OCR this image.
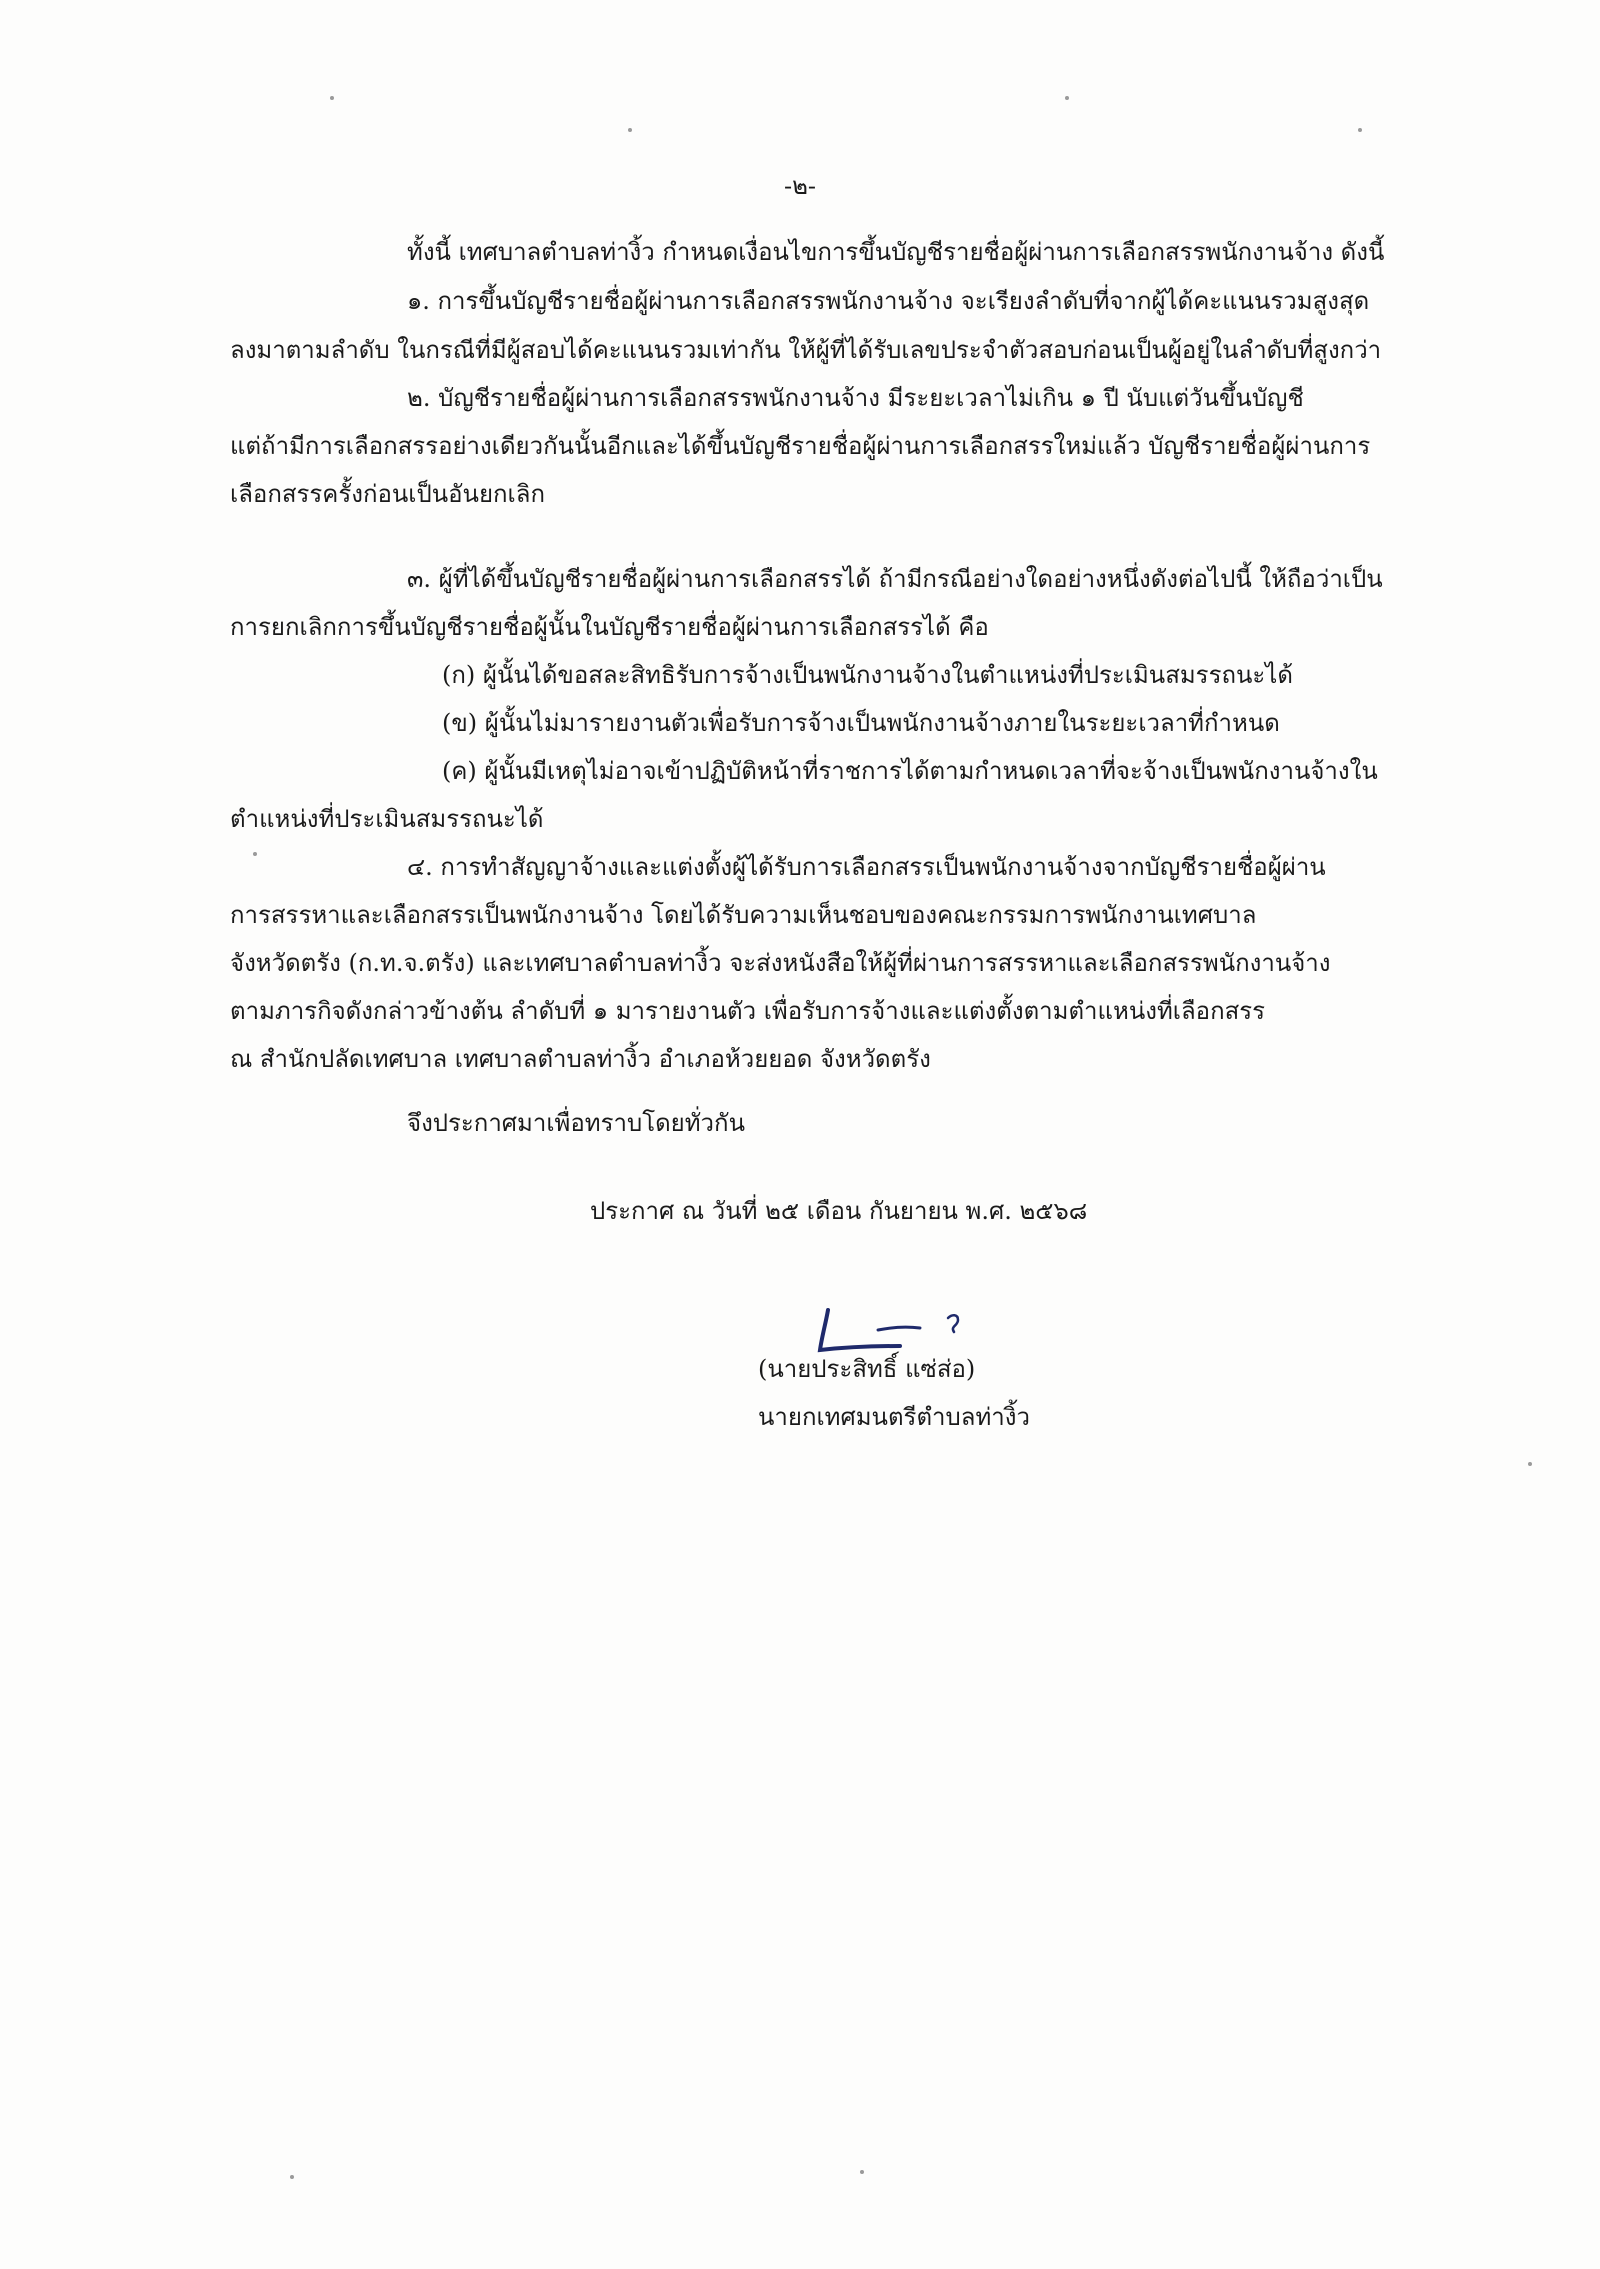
-๒-
ทั้งนี้ เทศบาลตำบลท่างิ้ว กำหนดเงื่อนไขการขึ้นบัญชีรายชื่อผู้ผ่านการเลือกสรรพนักงานจ้าง ดังนี้
๑. การขึ้นบัญชีรายชื่อผู้ผ่านการเลือกสรรพนักงานจ้าง จะเรียงลำดับที่จากผู้ได้คะแนนรวมสูงสุด
ลงมาตามลำดับ ในกรณีที่มีผู้สอบได้คะแนนรวมเท่ากัน ให้ผู้ที่ได้รับเลขประจำตัวสอบก่อนเป็นผู้อยู่ในลำดับที่สูงกว่า
๒. บัญชีรายชื่อผู้ผ่านการเลือกสรรพนักงานจ้าง มีระยะเวลาไม่เกิน ๑ ปี นับแต่วันขึ้นบัญชี
แต่ถ้ามีการเลือกสรรอย่างเดียวกันนั้นอีกและได้ขึ้นบัญชีรายชื่อผู้ผ่านการเลือกสรรใหม่แล้ว บัญชีรายชื่อผู้ผ่านการ
เลือกสรรครั้งก่อนเป็นอันยกเลิก
๓. ผู้ที่ได้ขึ้นบัญชีรายชื่อผู้ผ่านการเลือกสรรได้ ถ้ามีกรณีอย่างใดอย่างหนึ่งดังต่อไปนี้ ให้ถือว่าเป็น
การยกเลิกการขึ้นบัญชีรายชื่อผู้นั้นในบัญชีรายชื่อผู้ผ่านการเลือกสรรได้ คือ
(ก) ผู้นั้นได้ขอสละสิทธิรับการจ้างเป็นพนักงานจ้างในตำแหน่งที่ประเมินสมรรถนะได้
(ข) ผู้นั้นไม่มารายงานตัวเพื่อรับการจ้างเป็นพนักงานจ้างภายในระยะเวลาที่กำหนด
(ค) ผู้นั้นมีเหตุไม่อาจเข้าปฏิบัติหน้าที่ราชการได้ตามกำหนดเวลาที่จะจ้างเป็นพนักงานจ้างใน
ตำแหน่งที่ประเมินสมรรถนะได้
๔. การทำสัญญาจ้างและแต่งตั้งผู้ได้รับการเลือกสรรเป็นพนักงานจ้างจากบัญชีรายชื่อผู้ผ่าน
การสรรหาและเลือกสรรเป็นพนักงานจ้าง โดยได้รับความเห็นชอบของคณะกรรมการพนักงานเทศบาล
จังหวัดตรัง (ก.ท.จ.ตรัง) และเทศบาลตำบลท่างิ้ว จะส่งหนังสือให้ผู้ที่ผ่านการสรรหาและเลือกสรรพนักงานจ้าง
ตามภารกิจดังกล่าวข้างต้น ลำดับที่ ๑ มารายงานตัว เพื่อรับการจ้างและแต่งตั้งตามตำแหน่งที่เลือกสรร
ณ สำนักปลัดเทศบาล เทศบาลตำบลท่างิ้ว อำเภอห้วยยอด จังหวัดตรัง
จึงประกาศมาเพื่อทราบโดยทั่วกัน
ประกาศ ณ วันที่ ๒๕ เดือน กันยายน พ.ศ. ๒๕๖๘
(นายประสิทธิ์ แซ่ส่อ)
นายกเทศมนตรีตำบลท่างิ้ว
